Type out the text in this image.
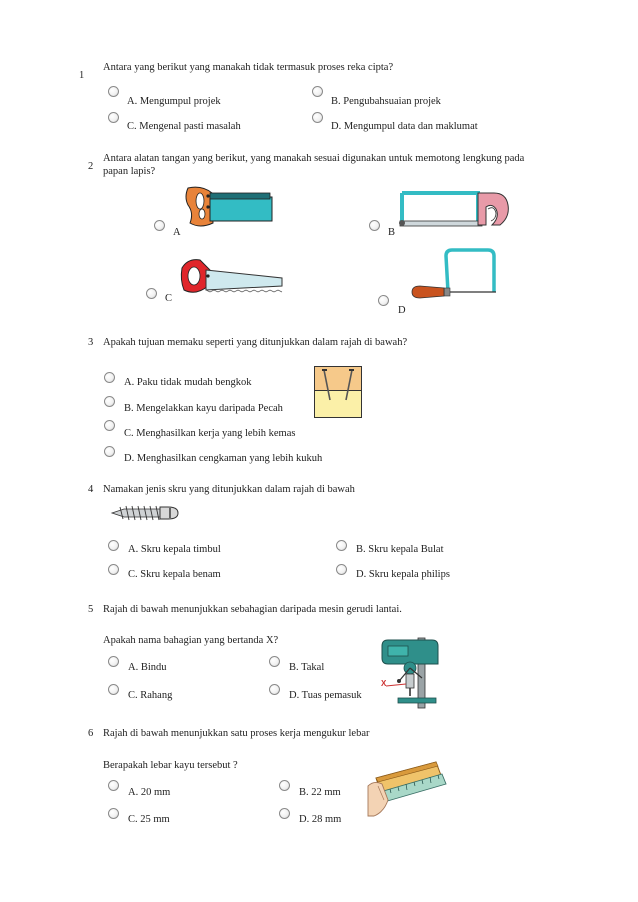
1
Antara yang berikut yang manakah tidak termasuk proses reka cipta?
A. Mengumpul projek	B. Pengubahsuaian projek
C. Mengenal pasti masalah	D. Mengumpul data dan maklumat
2
Antara alatan tangan yang berikut, yang manakah sesuai digunakan untuk memotong lengkung pada
papan lapis?
A	B
C
D
3 Apakah tujuan memaku seperti yang ditunjukkan dalam rajah di bawah?
A. Paku tidak mudah bengkok
B. Mengelakkan kayu daripada Pecah
C. Menghasilkan kerja yang lebih kemas
D. Menghasilkan cengkaman yang lebih kukuh
4 Namakan jenis skru yang ditunjukkan dalam rajah di bawah
A. Skru kepala timbul	B. Skru kepala Bulat
C. Skru kepala benam	D. Skru kepala philips
5 Rajah di bawah menunjukkan sebahagian daripada mesin gerudi lantai.
Apakah nama bahagian yang bertanda X?
A. Bindu	B. Takal
C. Rahang	D. Tuas pemasuk
X
6 Rajah di bawah menunjukkan satu proses kerja mengukur lebar
Berapakah lebar kayu tersebut ?
A. 20 mm	B. 22 mm
C. 25 mm	D. 28 mm
